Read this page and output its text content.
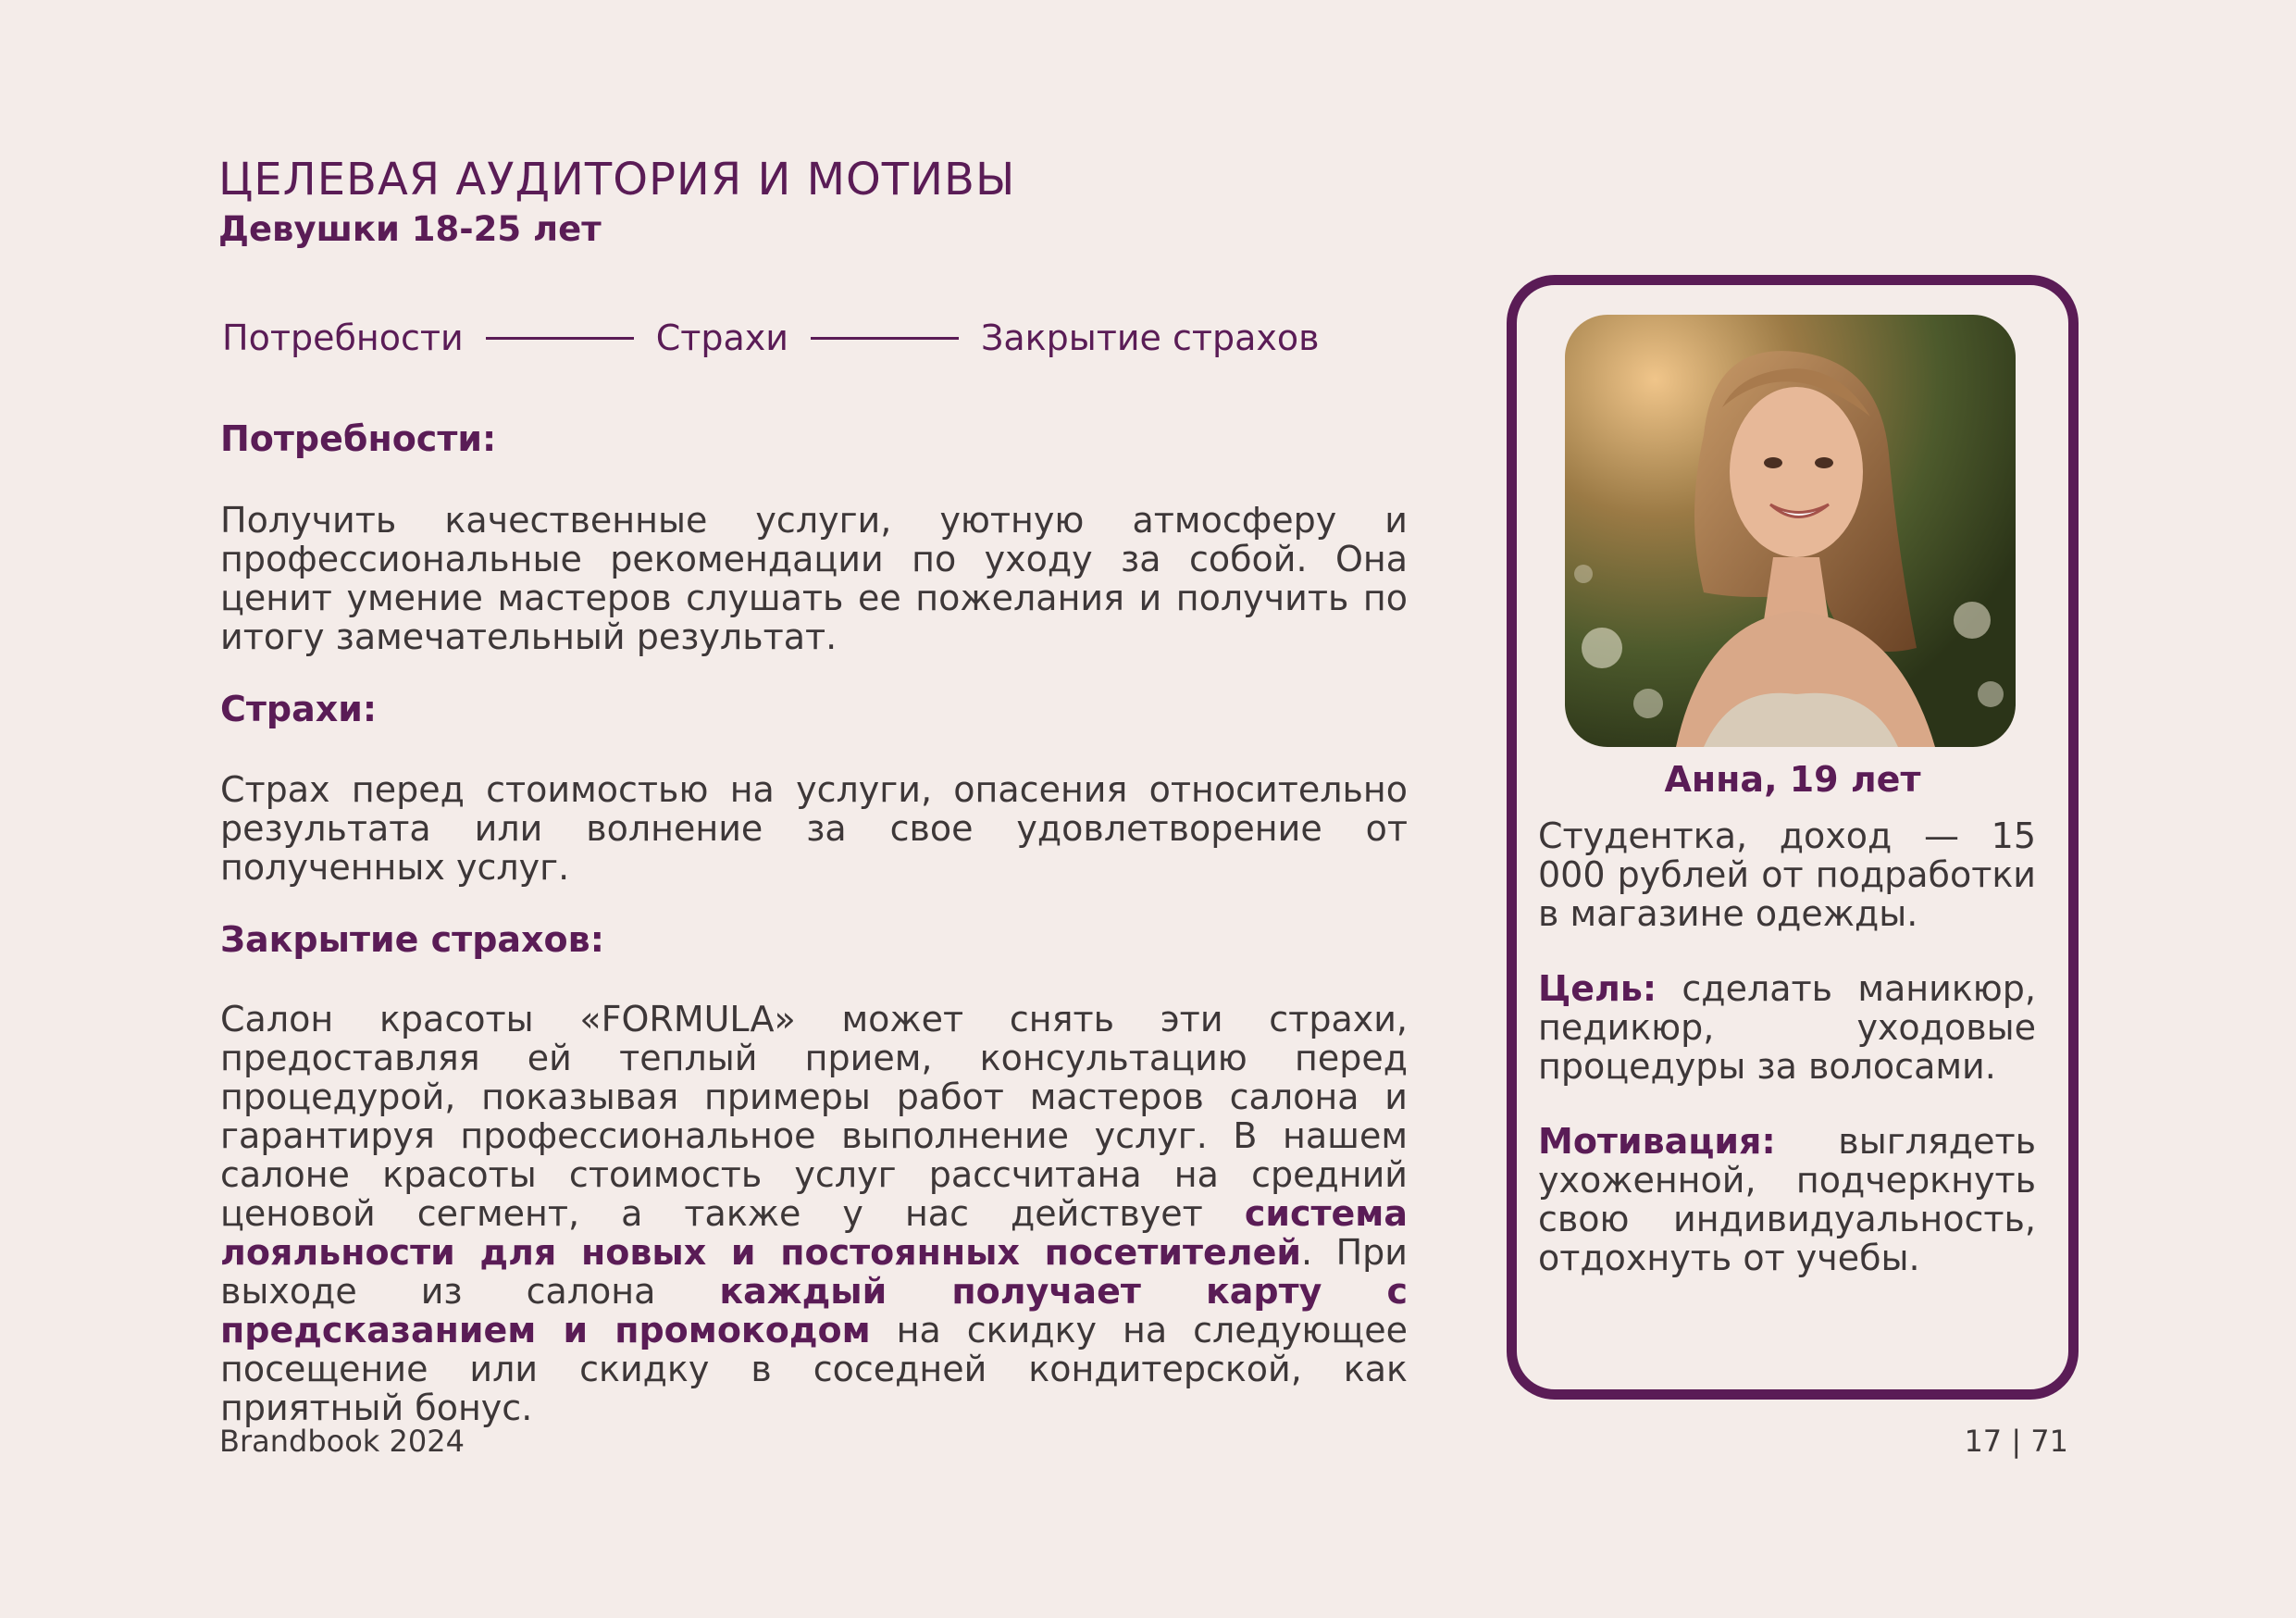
ЦЕЛЕВАЯ АУДИТОРИЯ И МОТИВЫ
Девушки 18-25 лет
Потребности	Страхи	Закрытие страхов
Потребности:

Получить качественные услуги, уютную атмосферу и профессиональные рекомендации по уходу за собой. Она ценит умение мастеров слушать ее пожелания и получить по итогу замечательный результат.

Страхи:

Страх перед стоимостью на услуги, опасения относительно результата или волнение за свое удовлетворение от полученных услуг.

Закрытие страхов:

Салон красоты «FORMULA» может снять эти страхи, предоставляя ей теплый прием, консультацию перед процедурой, показывая примеры работ мастеров салона и гарантируя профессиональное выполнение услуг. В нашем салоне красоты стоимость услуг рассчитана на средний ценовой сегмент, а также у нас действует система лояльности для новых и постоянных посетителей. При выходе из салона каждый получает карту с предсказанием и промокодом на скидку на следующее посещение или скидку в соседней кондитерской, как приятный бонус.

Анна, 19 лет

Студентка, доход — 15 000 рублей от подработки в магазине одежды.

Цель: сделать маникюр, педикюр, уходовые процедуры за волосами.

Мотивация: выглядеть ухоженной, подчеркнуть свою индивидуальность, отдохнуть от учебы.

Brandbook 2024	17 | 71
